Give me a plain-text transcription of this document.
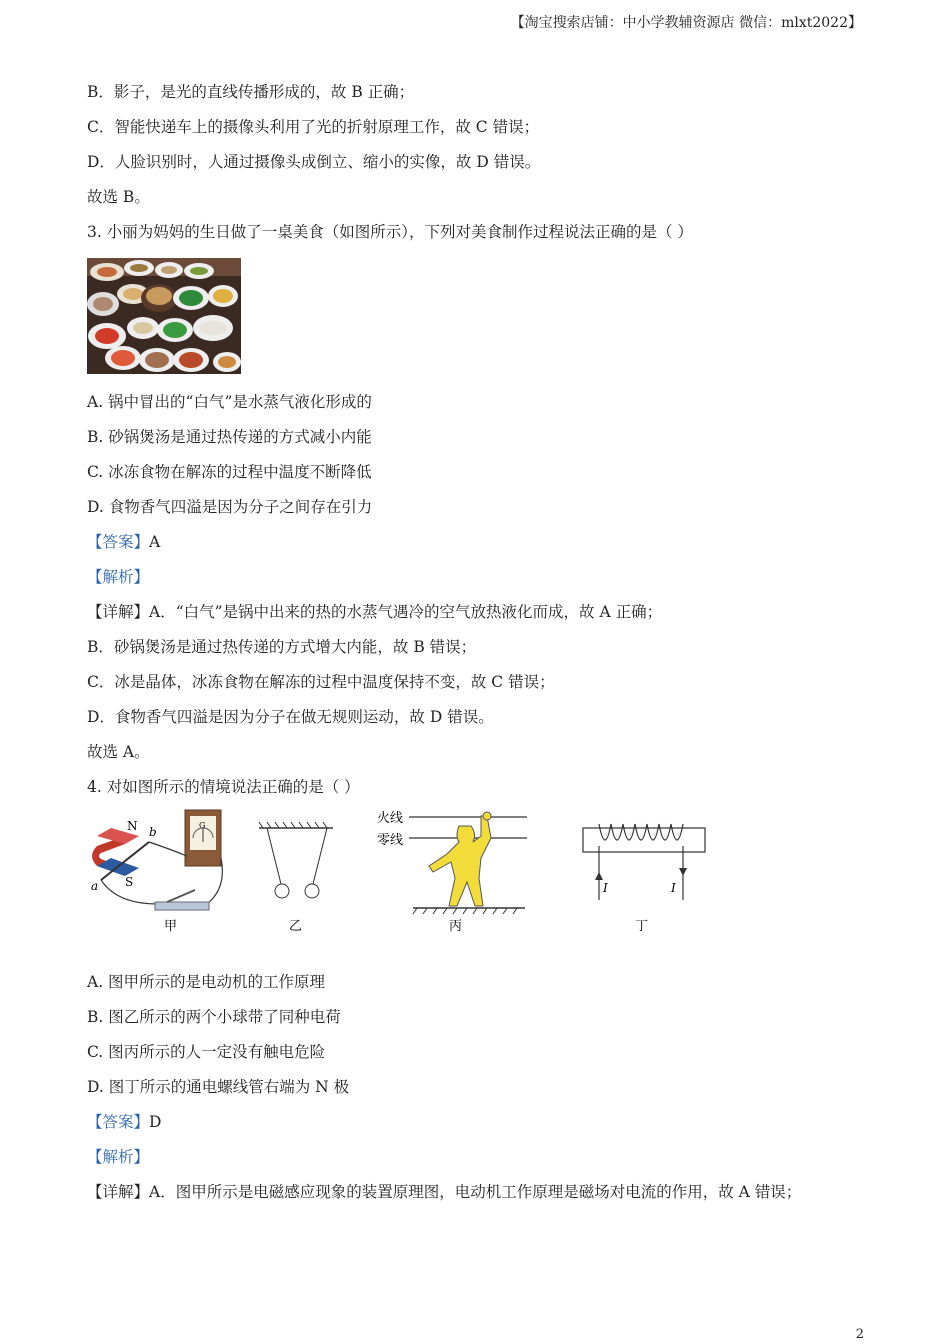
【淘宝搜索店铺：中小学教辅资源店 微信：mlxt2022】
B．影子，是光的直线传播形成的，故 B 正确；
C．智能快递车上的摄像头利用了光的折射原理工作，故 C 错误；
D．人脸识别时，人通过摄像头成倒立、缩小的实像，故 D 错误。
故选 B。
3. 小丽为妈妈的生日做了一桌美食（如图所示），下列对美食制作过程说法正确的是（ ）
A. 锅中冒出的“白气”是水蒸气液化形成的
B. 砂锅煲汤是通过热传递的方式减小内能
C. 冰冻食物在解冻的过程中温度不断降低
D. 食物香气四溢是因为分子之间存在引力
【答案】A
【解析】
【详解】A．“白气”是锅中出来的热的水蒸气遇冷的空气放热液化而成，故 A 正确；
B．砂锅煲汤是通过热传递的方式增大内能，故 B 错误；
C．冰是晶体，冰冻食物在解冻的过程中温度保持不变，故 C 错误；
D．食物香气四溢是因为分子在做无规则运动，故 D 错误。
故选 A。
4. 对如图所示的情境说法正确的是（ ）
N
S
a
b	G
甲	乙
火线
零线
丙
I	I
丁
A. 图甲所示的是电动机的工作原理
B. 图乙所示的两个小球带了同种电荷
C. 图丙所示的人一定没有触电危险
D. 图丁所示的通电螺线管右端为 N 极
【答案】D
【解析】
【详解】A．图甲所示是电磁感应现象的装置原理图，电动机工作原理是磁场对电流的作用，故 A 错误；
2
